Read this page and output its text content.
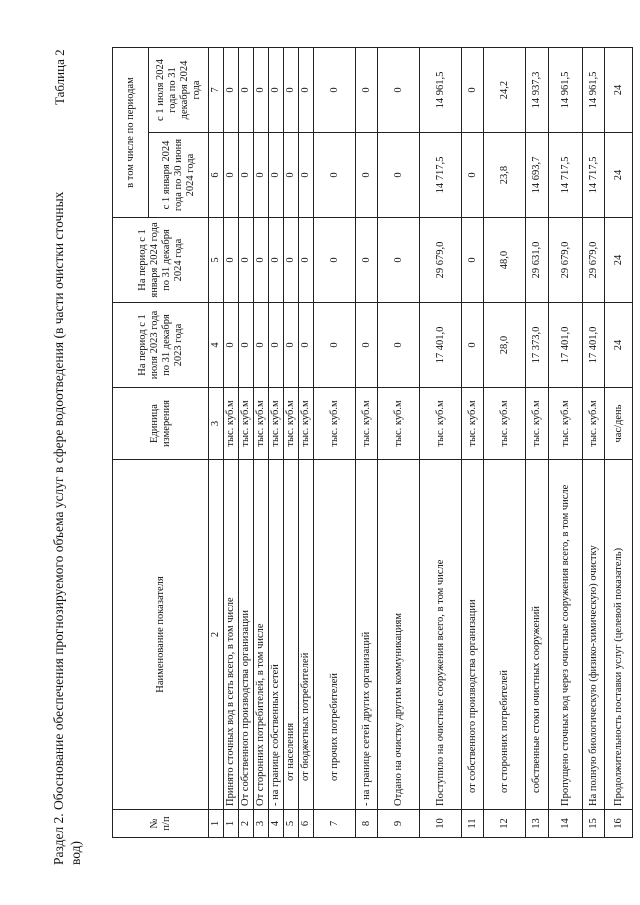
Раздел 2. Обоснование обеспечения прогнозируемого объема услуг в сфере водоотведения (в части очистки сточных вод)
Таблица 2
№ п/п	Наименование показателя	Единица измерения	На период с 1 июля 2023 года по 31 декабря 2023 года	На период с 1 января 2024 года по 31 декабря 2024 года	в том числе по периодам	
					с 1 января 2024 года по 30 июня 2024 года	с 1 июля 2024 года по 31 декабря 2024 года
1	2	3	4	5	6	7
1	Принято сточных вод в сеть всего, в том числе	тыс. куб.м	0	0	0	0
2	От собственного производства организации	тыс. куб.м	0	0	0	0
3	От сторонних потребителей, в том числе	тыс. куб.м	0	0	0	0
4	- на границе собственных сетей	тыс. куб.м	0	0	0	0
5	от населения	тыс. куб.м	0	0	0	0
6	от бюджетных потребителей	тыс. куб.м	0	0	0	0
7	от прочих потребителей	тыс. куб.м	0	0	0	0
8	- на границе сетей других организаций	тыс. куб.м	0	0	0	0
9	Отдано на очистку другим коммуникациям	тыс. куб.м	0	0	0	0
10	Поступило на очистные сооружения всего, в том числе	тыс. куб.м	17 401,0	29 679,0	14 717,5	14 961,5
11	от собственного производства организации	тыс. куб.м	0	0	0	0
12	от сторонних потребителей	тыс. куб.м	28,0	48,0	23,8	24,2
13	собственные стоки очистных сооружений	тыс. куб.м	17 373,0	29 631,0	14 693,7	14 937,3
14	Пропущено сточных вод через очистные сооружения всего, в том числе	тыс. куб.м	17 401,0	29 679,0	14 717,5	14 961,5
15	На полную биологическую (физико-химическую) очистку	тыс. куб.м	17 401,0	29 679,0	14 717,5	14 961,5
16	Продолжительность поставки услуг (целевой показатель)	час/день	24	24	24	24
